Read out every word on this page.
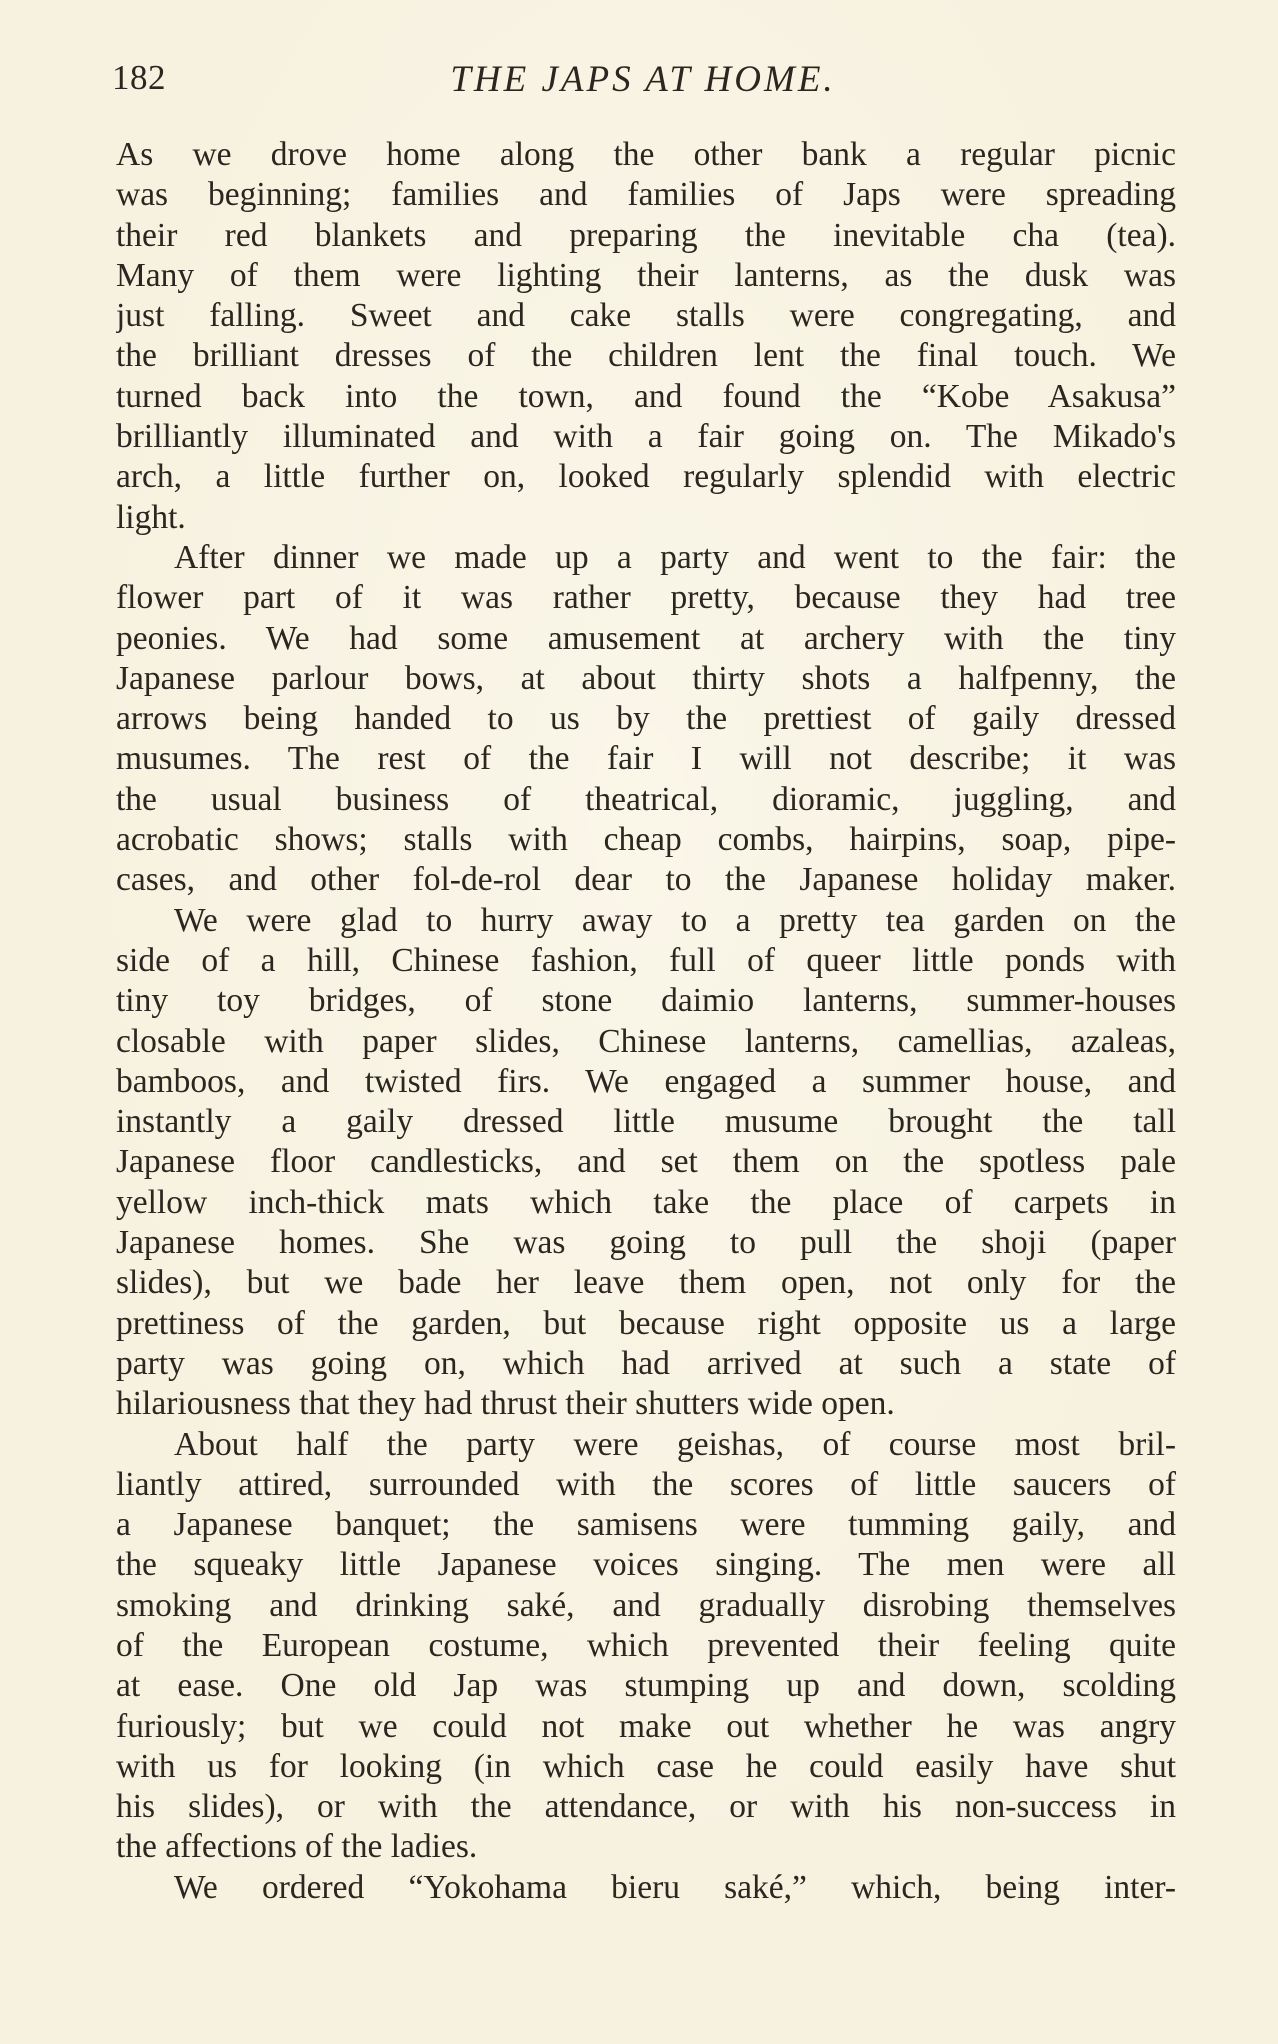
182	THE JAPS AT HOME.
As we drove home along the other bank a regular picnic
was beginning; families and families of Japs were spreading
their red blankets and preparing the inevitable cha (tea).
Many of them were lighting their lanterns, as the dusk was
just falling. Sweet and cake stalls were congregating, and
the brilliant dresses of the children lent the final touch. We
turned back into the town, and found the “Kobe Asakusa”
brilliantly illuminated and with a fair going on. The Mikado's
arch, a little further on, looked regularly splendid with electric
light.
After dinner we made up a party and went to the fair: the
flower part of it was rather pretty, because they had tree
peonies. We had some amusement at archery with the tiny
Japanese parlour bows, at about thirty shots a halfpenny, the
arrows being handed to us by the prettiest of gaily dressed
musumes. The rest of the fair I will not describe; it was
the usual business of theatrical, dioramic, juggling, and
acrobatic shows; stalls with cheap combs, hairpins, soap, pipe-
cases, and other fol-de-rol dear to the Japanese holiday maker.
We were glad to hurry away to a pretty tea garden on the
side of a hill, Chinese fashion, full of queer little ponds with
tiny toy bridges, of stone daimio lanterns, summer-houses
closable with paper slides, Chinese lanterns, camellias, azaleas,
bamboos, and twisted firs. We engaged a summer house, and
instantly a gaily dressed little musume brought the tall
Japanese floor candlesticks, and set them on the spotless pale
yellow inch-thick mats which take the place of carpets in
Japanese homes. She was going to pull the shoji (paper
slides), but we bade her leave them open, not only for the
prettiness of the garden, but because right opposite us a large
party was going on, which had arrived at such a state of
hilariousness that they had thrust their shutters wide open.
About half the party were geishas, of course most bril-
liantly attired, surrounded with the scores of little saucers of
a Japanese banquet; the samisens were tumming gaily, and
the squeaky little Japanese voices singing. The men were all
smoking and drinking saké, and gradually disrobing themselves
of the European costume, which prevented their feeling quite
at ease. One old Jap was stumping up and down, scolding
furiously; but we could not make out whether he was angry
with us for looking (in which case he could easily have shut
his slides), or with the attendance, or with his non-success in
the affections of the ladies.
We ordered “Yokohama bieru saké,” which, being inter-
